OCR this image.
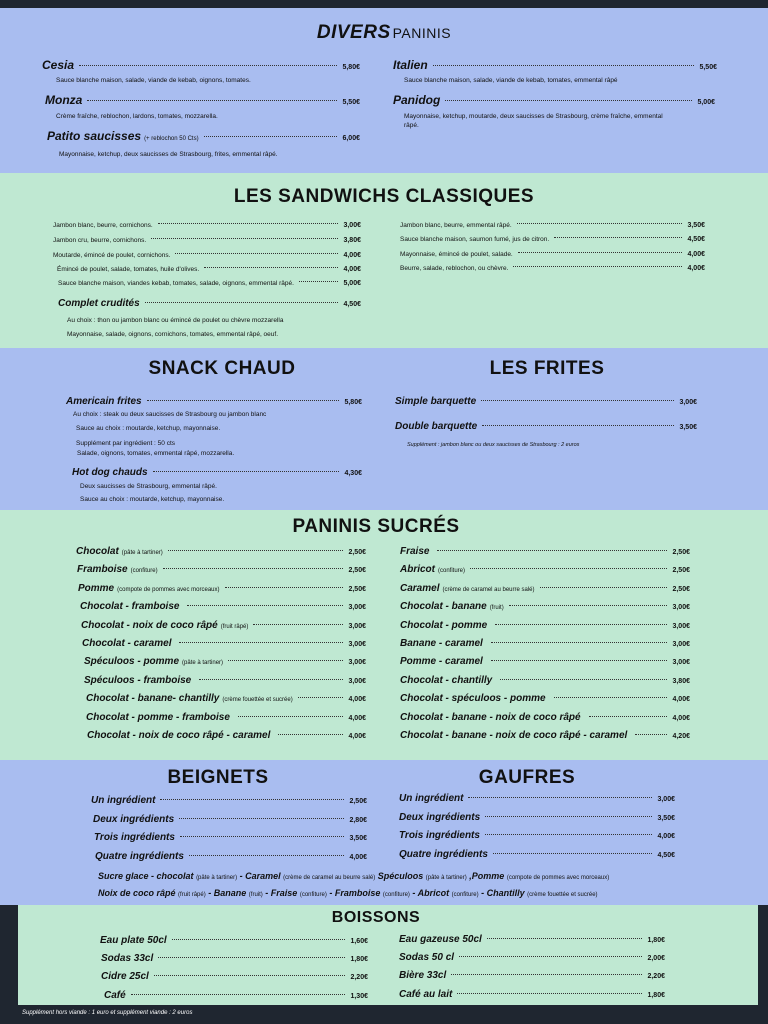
DIVERS PANINIS
Cesia	5,80€
Sauce blanche maison, salade, viande de kebab, oignons, tomates.
Monza	5,50€
Crème fraîche, reblochon, lardons, tomates, mozzarella.
Patito saucisses (+ reblochon 50 Cts)	6,00€
Mayonnaise, ketchup, deux saucisses de Strasbourg, frites, emmental râpé.
Italien	5,50€
Sauce blanche maison, salade, viande de kebab, tomates, emmental râpé
Panidog	5,00€
Mayonnaise, ketchup, moutarde, deux saucisses de Strasbourg, crème fraîche, emmental râpé.
LES SANDWICHS CLASSIQUES
Jambon blanc, beurre, cornichons.	3,00€
Jambon cru, beurre, cornichons.	3,80€
Moutarde, émincé de poulet, cornichons.	4,00€
Émincé de poulet, salade, tomates, huile d'olives.	4,00€
Sauce blanche maison, viandes kebab, tomates, salade, oignons, emmental râpé.	5,00€
Jambon blanc, beurre, emmental râpé.	3,50€
Sauce blanche maison, saumon fumé, jus de citron.	4,50€
Mayonnaise, émincé de poulet, salade.	4,00€
Beurre, salade, reblochon, ou chèvre.	4,00€
Complet crudités	4,50€
Au choix : thon ou jambon blanc ou émincé de poulet ou chèvre mozzarella
Mayonnaise, salade, oignons, cornichons, tomates, emmental râpé, oeuf.
SNACK CHAUD	LES FRITES
Americain frites	5,80€
Au choix : steak ou deux saucisses de Strasbourg ou jambon blanc
Sauce au choix : moutarde, ketchup, mayonnaise.
Supplément par ingrédient : 50 cts
Salade, oignons, tomates, emmental râpé, mozzarella.
Hot dog chauds	4,30€
Deux saucisses de Strasbourg, emmental râpé.
Sauce au choix : moutarde, ketchup, mayonnaise.
Simple barquette	3,00€
Double barquette	3,50€
Supplément : jambon blanc ou deux saucisses de Strasbourg : 2 euros
PANINIS SUCRÉS
Chocolat (pâte à tartiner)	2,50€
Framboise (confiture)	2,50€
Pomme (compote de pommes avec morceaux)	2,50€
Chocolat - framboise	3,00€
Chocolat - noix de coco râpé (fruit râpé)	3,00€
Chocolat - caramel	3,00€
Spéculoos - pomme (pâte à tartiner)	3,00€
Spéculoos - framboise	3,00€
Chocolat - banane- chantilly (crème fouettée et sucrée)	4,00€
Chocolat - pomme - framboise	4,00€
Chocolat - noix de coco râpé - caramel	4,00€
Fraise	2,50€
Abricot (confiture)	2,50€
Caramel (crème de caramel au beurre salé)	2,50€
Chocolat - banane (fruit)	3,00€
Chocolat - pomme	3,00€
Banane - caramel	3,00€
Pomme - caramel	3,00€
Chocolat - chantilly	3,80€
Chocolat - spéculoos - pomme	4,00€
Chocolat - banane - noix de coco râpé	4,00€
Chocolat - banane - noix de coco râpé - caramel	4,20€
BEIGNETS	GAUFRES
Un ingrédient	2,50€
Deux ingrédients	2,80€
Trois ingrédients	3,50€
Quatre ingrédients	4,00€
Un ingrédient	3,00€
Deux ingrédients	3,50€
Trois ingrédients	4,00€
Quatre ingrédients	4,50€
Sucre glace - chocolat (pâte à tartiner) - Caramel (crème de caramel au beurre salé) Spéculoos (pâte à tartiner) ,Pomme (compote de pommes avec morceaux)
Noix de coco râpé (fruit râpé) - Banane (fruit) - Fraise (confiture) - Framboise (confiture) - Abricot (confiture) - Chantilly (crème fouettée et sucrée)
BOISSONS
Eau plate 50cl	1,60€
Sodas 33cl	1,80€
Cidre 25cl	2,20€
Café	1,30€
Eau gazeuse 50cl	1,80€
Sodas 50 cl	2,00€
Bière 33cl	2,20€
Café au lait	1,80€
Supplément hors viande : 1 euro et supplément viande : 2 euros
